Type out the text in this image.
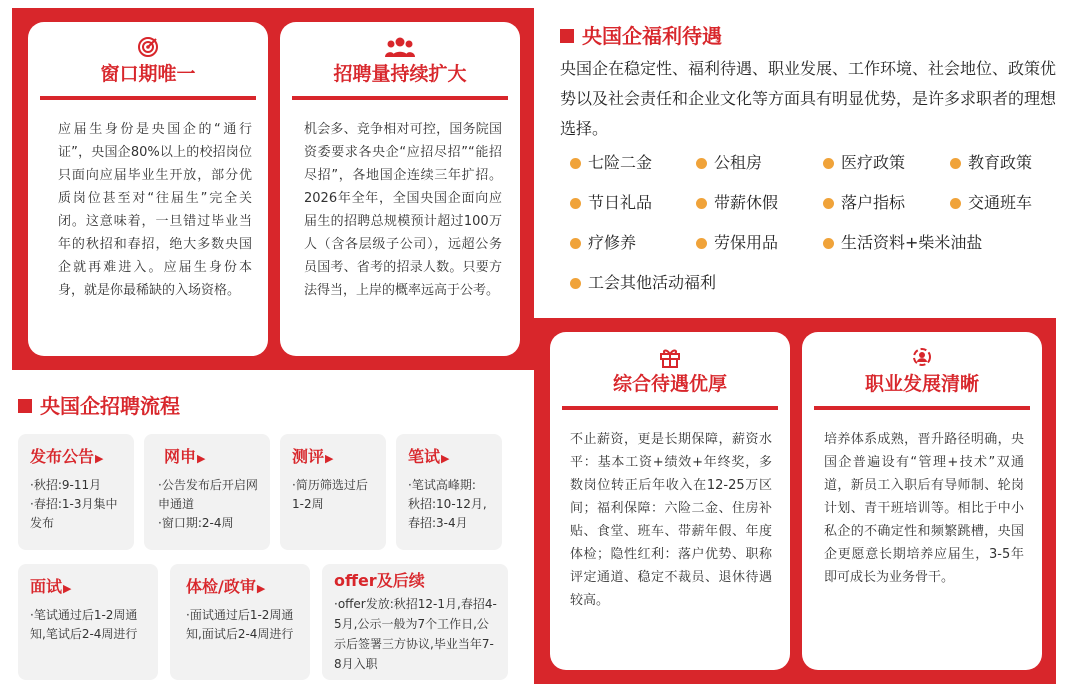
窗口期唯一
应届生身份是央国企的“通行证”，央国企80%以上的校招岗位只面向应届毕业生开放，部分优质岗位甚至对“往届生”完全关闭。这意味着，一旦错过毕业当年的秋招和春招，绝大多数央国企就再难进入。应届生身份本身，就是你最稀缺的入场资格。
招聘量持续扩大
机会多、竞争相对可控，国务院国资委要求各央企“应招尽招”“能招尽招”，各地国企连续三年扩招。2026年全年，全国央国企面向应届生的招聘总规模预计超过100万人（含各层级子公司），远超公务员国考、省考的招录人数。只要方法得当，上岸的概率远高于公考。
央国企福利待遇
央国企在稳定性、福利待遇、职业发展、工作环境、社会地位、政策优势以及社会责任和企业文化等方面具有明显优势，是许多求职者的理想选择。
七险二金	公租房	医疗政策	教育政策
节日礼品	带薪休假	落户指标	交通班车
疗修养	劳保用品	生活资料+柴米油盐
工会其他活动福利
央国企招聘流程
发布公告▶
·秋招:9-11月
·春招:1-3月集中发布
网申▶
·公告发布后开启网申通道
·窗口期:2-4周
测评▶
·简历筛选过后1-2周
笔试▶
·笔试高峰期:
秋招:10-12月,
春招:3-4月
面试▶
·笔试通过后1-2周通知,笔试后2-4周进行
体检/政审▶
·面试通过后1-2周通知,面试后2-4周进行
offer及后续
·offer发放:秋招12-1月,春招4-5月,公示一般为7个工作日,公示后签署三方协议,毕业当年7-8月入职
综合待遇优厚
不止薪资，更是长期保障，薪资水平：基本工资+绩效+年终奖，多数岗位转正后年收入在12-25万区间；福利保障：六险二金、住房补贴、食堂、班车、带薪年假、年度体检；隐性红利：落户优势、职称评定通道、稳定不裁员、退休待遇较高。
职业发展清晰
培养体系成熟，晋升路径明确，央国企普遍设有“管理+技术”双通道，新员工入职后有导师制、轮岗计划、青干班培训等。相比于中小私企的不确定性和频繁跳槽，央国企更愿意长期培养应届生，3-5年即可成长为业务骨干。
